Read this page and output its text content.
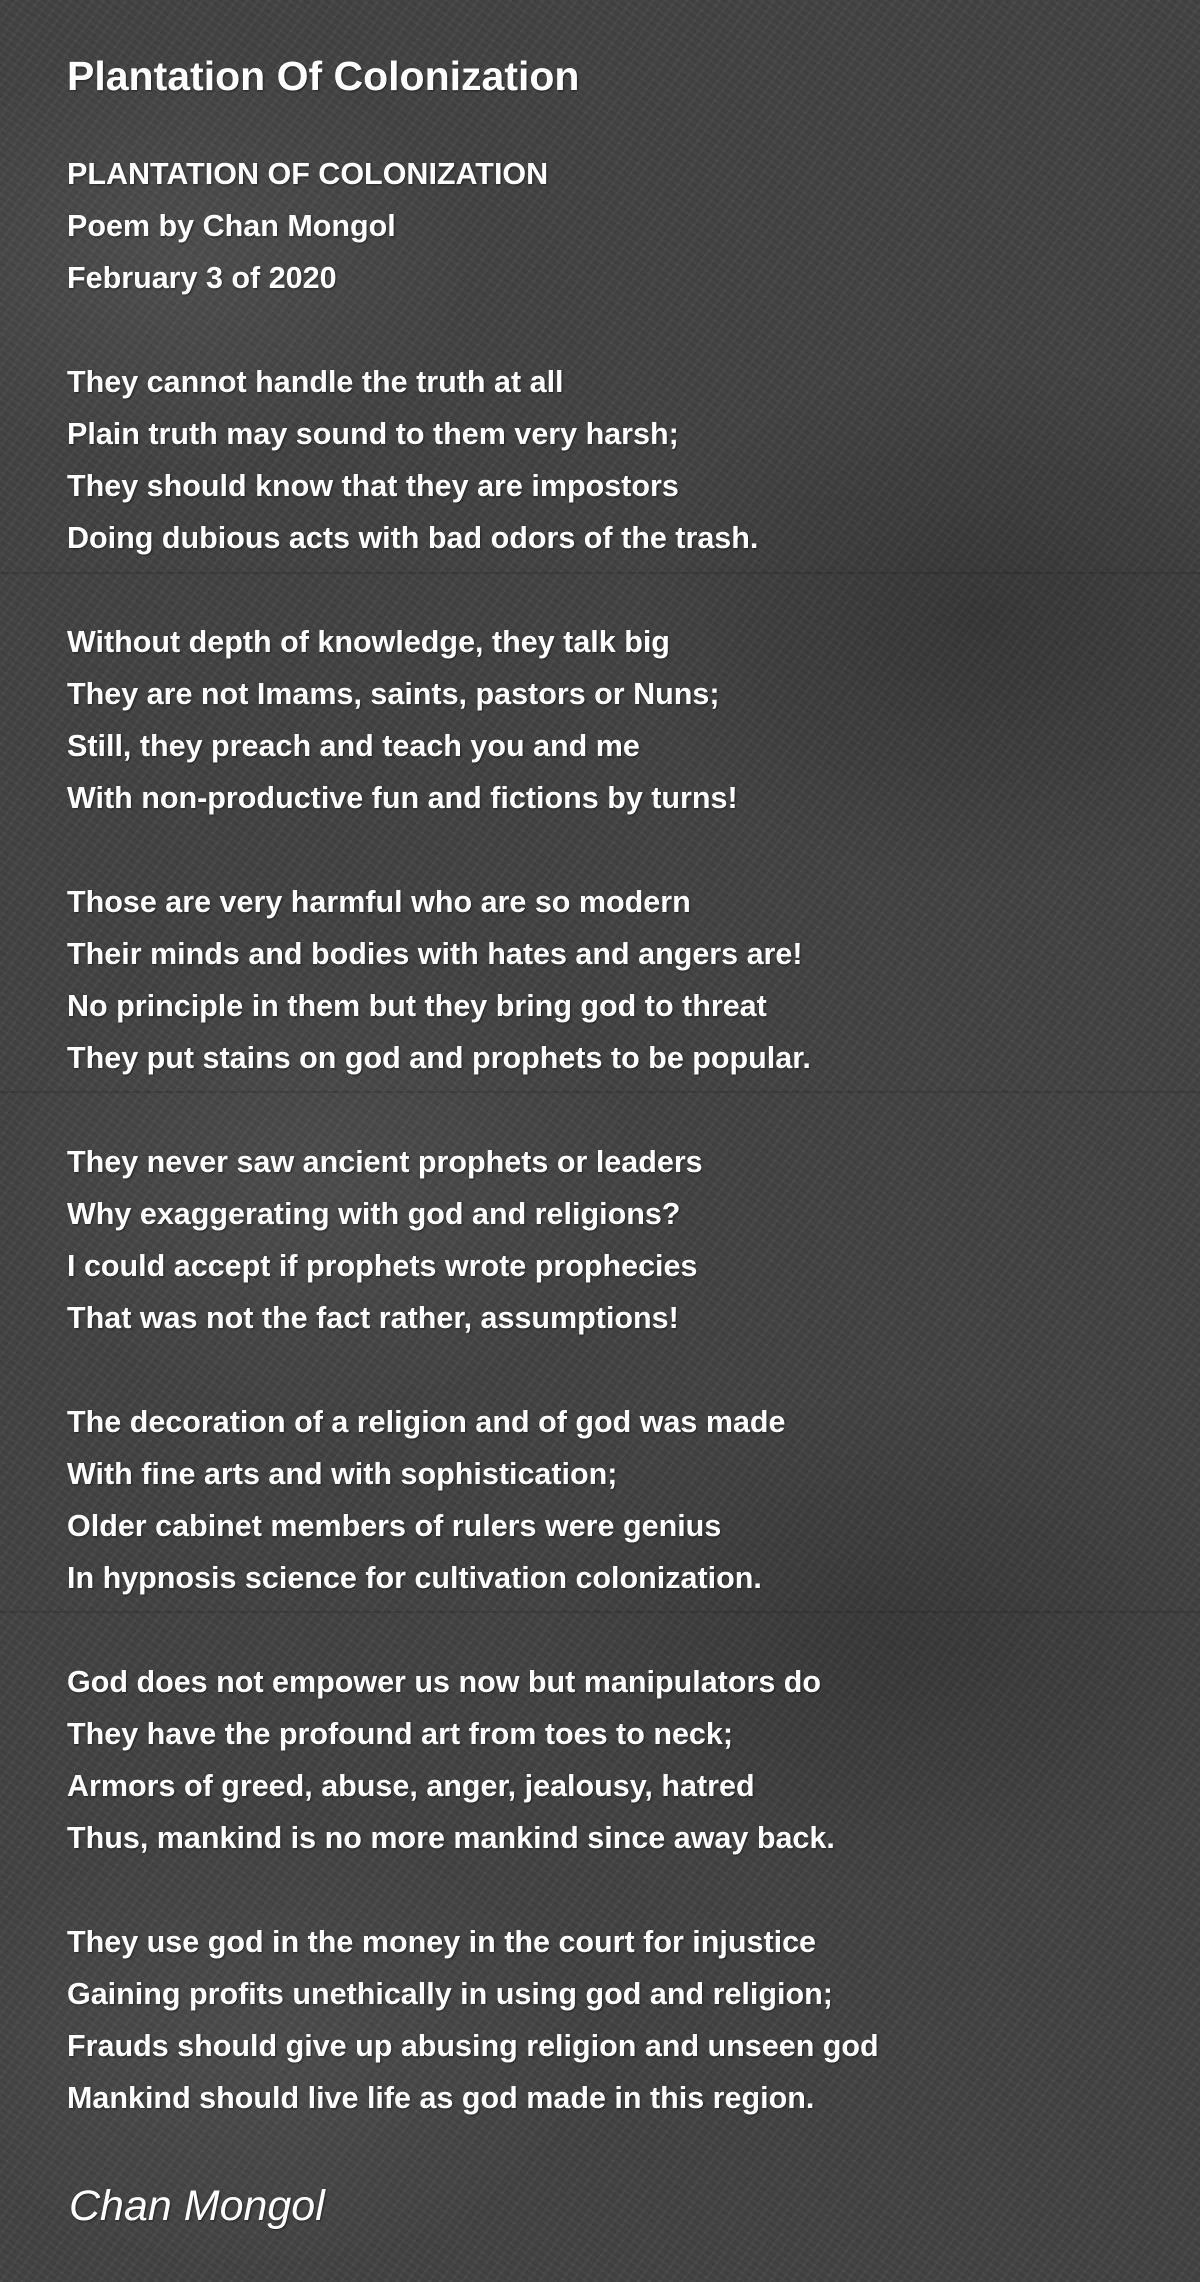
Plantation Of Colonization
PLANTATION OF COLONIZATION
Poem by Chan Mongol
February 3 of 2020
They cannot handle the truth at all
Plain truth may sound to them very harsh;
They should know that they are impostors
Doing dubious acts with bad odors of the trash.
Without depth of knowledge, they talk big
They are not Imams, saints, pastors or Nuns;
Still, they preach and teach you and me
With non-productive fun and fictions by turns!
Those are very harmful who are so modern
Their minds and bodies with hates and angers are!
No principle in them but they bring god to threat
They put stains on god and prophets to be popular.
They never saw ancient prophets or leaders
Why exaggerating with god and religions?
I could accept if prophets wrote prophecies
That was not the fact rather, assumptions!
The decoration of a religion and of god was made
With fine arts and with sophistication;
Older cabinet members of rulers were genius
In hypnosis science for cultivation colonization.
God does not empower us now but manipulators do
They have the profound art from toes to neck;
Armors of greed, abuse, anger, jealousy, hatred
Thus, mankind is no more mankind since away back.
They use god in the money in the court for injustice
Gaining profits unethically in using god and religion;
Frauds should give up abusing religion and unseen god
Mankind should live life as god made in this region.
Chan Mongol
